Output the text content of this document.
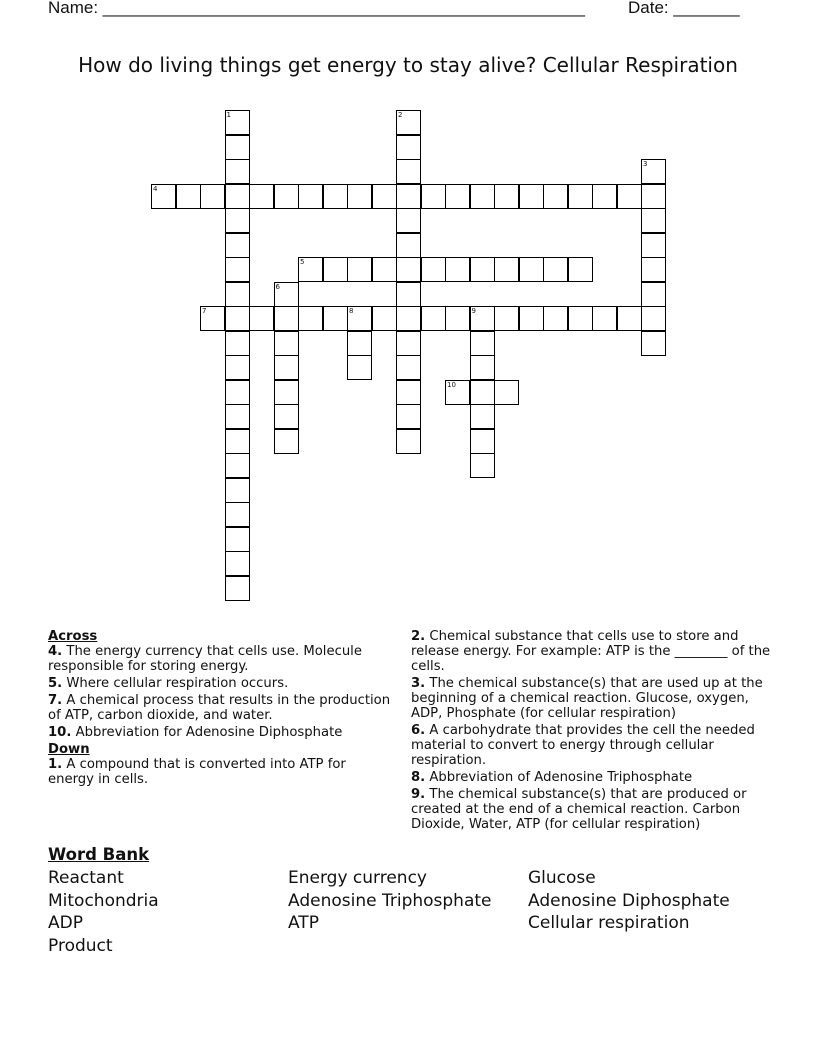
Name: ___________________________________________________	Date: _______
How do living things get energy to stay alive? Cellular Respiration
1	2
3
4
5
6
7	8	9
10
Across
4. The energy currency that cells use. Molecule responsible for storing energy.
5. Where cellular respiration occurs.
7. A chemical process that results in the production of ATP, carbon dioxide, and water.
10. Abbreviation for Adenosine Diphosphate
Down
1. A compound that is converted into ATP for energy in cells.
2. Chemical substance that cells use to store and release energy. For example: ATP is the ________ of the cells.
3. The chemical substance(s) that are used up at the beginning of a chemical reaction. Glucose, oxygen, ADP, Phosphate (for cellular respiration)
6. A carbohydrate that provides the cell the needed material to convert to energy through cellular respiration.
8. Abbreviation of Adenosine Triphosphate
9. The chemical substance(s) that are produced or created at the end of a chemical reaction. Carbon Dioxide, Water, ATP (for cellular respiration)
Word Bank
Reactant
Mitochondria
ADP
Product
Energy currency
Adenosine Triphosphate
ATP
Glucose
Adenosine Diphosphate
Cellular respiration
